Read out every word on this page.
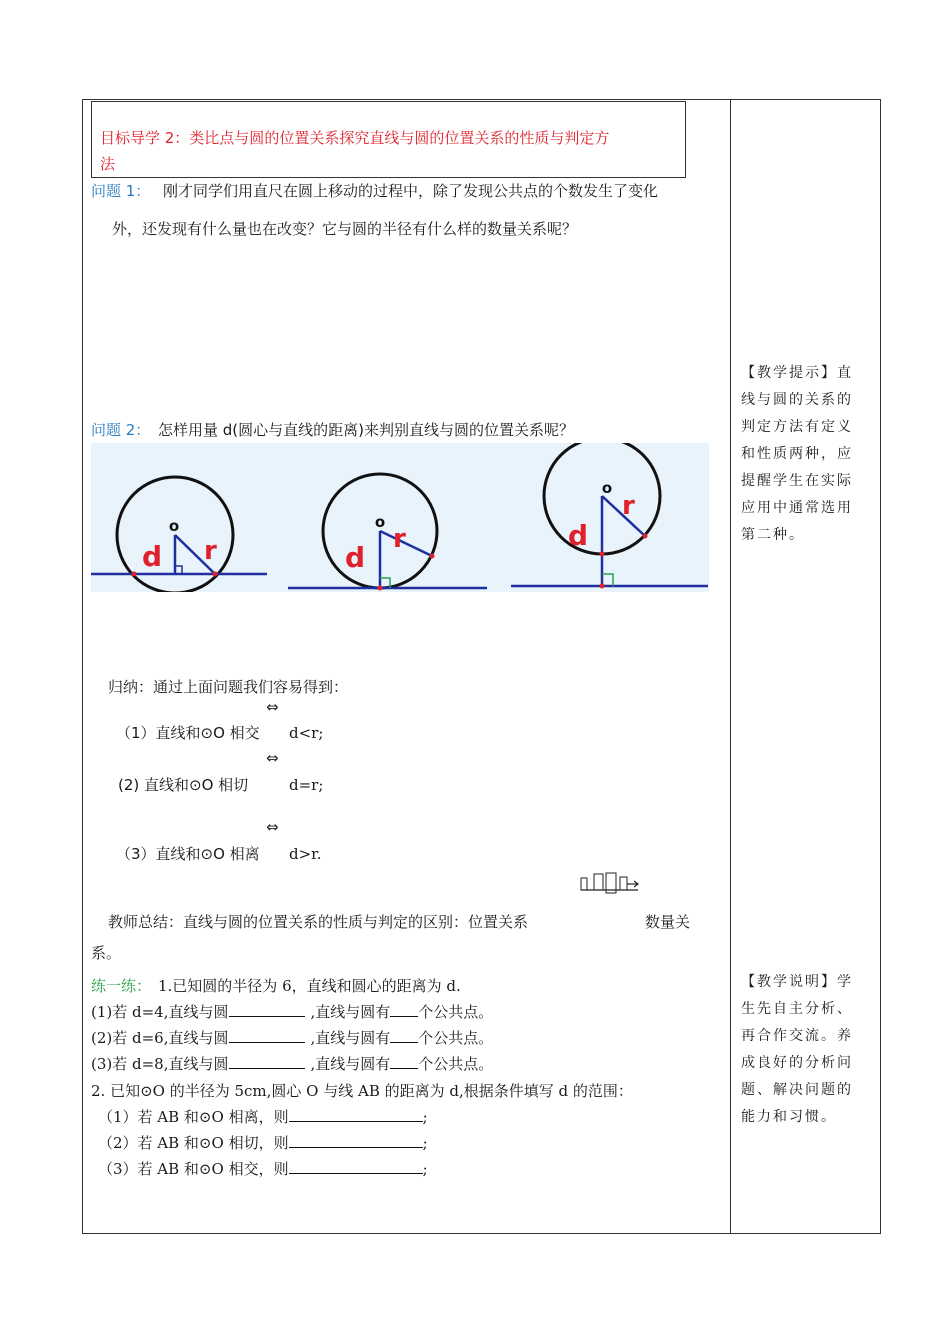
目标导学 2：类比点与圆的位置关系探究直线与圆的位置关系的性质与判定方
法
问题 1： 刚才同学们用直尺在圆上移动的过程中，除了发现公共点的个数发生了变化
外，还发现有什么量也在改变？它与圆的半径有什么样的数量关系呢？
问题 2： 怎样用量 d(圆心与直线的距离)来判别直线与圆的位置关系呢？
o
d r
o
d
r
o
d
r
归纳：通过上面问题我们容易得到：
⇔
（1）直线和⊙O 相交 d<r;
⇔
(2) 直线和⊙O 相切	d=r;
⇔
（3）直线和⊙O 相离 d>r.
教师总结：直线与圆的位置关系的性质与判定的区别：位置关系	数量关
系。
练一练： 1.已知圆的半径为 6，直线和圆心的距离为 d.
(1)若 d=4,直线与圆	,直线与圆有 个公共点。
(2)若 d=6,直线与圆	,直线与圆有 个公共点。
(3)若 d=8,直线与圆	,直线与圆有 个公共点。
2. 已知⊙O 的半径为 5cm,圆心 O 与线 AB 的距离为 d,根据条件填写 d 的范围：
（1）若 AB 和⊙O 相离，则	;
（2）若 AB 和⊙O 相切，则	;
（3）若 AB 和⊙O 相交，则	;
【教学提示】直线与圆的关系的判定方法有定义和性质两种，应提醒学生在实际应用中通常选用第二种。
【教学说明】学生先自主分析、再合作交流。养成良好的分析问题、解决问题的能力和习惯。
